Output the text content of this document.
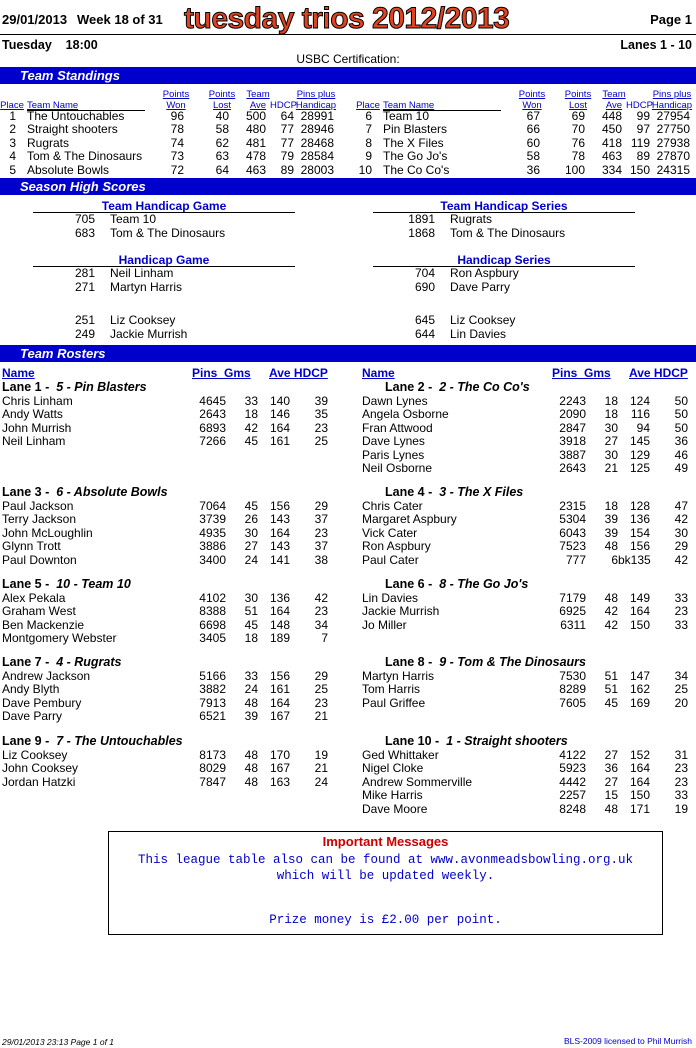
29/01/2013 Week 18 of 31 tuesday trios 2012/2013	Page 1
Tuesday    18:00	Lanes 1 - 10
USBC Certification:
Team Standings
Place Team Name
Points Won
Points Lost
Team Ave HDCP
Pins plus Handicap
1 The Untouchables	96	40	500	64 28991
2 Straight shooters	78	58	480	77 28946
3 Rugrats	74	62	481	77 28468
4 Tom & The Dinosaurs	73	63	478	79 28584
5 Absolute Bowls	72	64	463	89 28003
Place Team Name
Points Won
Points Lost
Team Ave HDCP
Pins plus Handicap
6 Team 10	67	69	448	99 27954
7 Pin Blasters	66	70	450	97 27750
8 The X Files	60	76	418 119 27938
9 The Go Jo's	58	78	463	89 27870
10 The Co Co's	36	100	334 150 24315
Season High Scores
Team Handicap Game
705 Team 10
683 Tom & The Dinosaurs
Team Handicap Series
1891 Rugrats
1868 Tom & The Dinosaurs
Handicap Game
281 Neil Linham
271 Martyn Harris
Handicap Series
704 Ron Aspbury
690 Dave Parry
251 Liz Cooksey
249 Jackie Murrish
645 Liz Cooksey
644 Lin Davies
Team Rosters
Name	Pins  Gms Ave HDCP	Name	Pins  Gms Ave HDCP
Lane 1 - 5 - Pin Blasters
Chris Linham	4645	33 140	39
Andy Watts	2643	18 146	35
John Murrish	6893	42 164	23
Neil Linham	7266	45 161	25
Lane 2 - 2 - The Co Co's
Dawn Lynes	2243	18 124	50
Angela Osborne	2090	18	116	50
Fran Attwood	2847	30	94	50
Dave Lynes	3918	27 145	36
Paris Lynes	3887	30 129	46
Neil Osborne	2643	21 125	49
Lane 3 - 6 - Absolute Bowls
Paul Jackson	7064	45 156	29
Terry Jackson	3739	26 143	37
John McLoughlin	4935	30 164	23
Glynn Trott	3886	27 143	37
Paul Downton	3400	24 141	38
Lane 4 - 3 - The X Files
Chris Cater	2315	18 128	47
Margaret Aspbury	5304	39 136	42
Vick Cater	6043	39 154	30
Ron Aspbury	7523	48 156	29
Paul Cater	777	6 bk135	42
Lane 5 - 10 - Team 10
Alex Pekala	4102	30 136	42
Graham West	8388	51 164	23
Ben Mackenzie	6698	45 148	34
Montgomery Webster	3405	18 189	7
Lane 6 - 8 - The Go Jo's
Lin Davies	7179	48 149	33
Jackie Murrish	6925	42 164	23
Jo Miller	6311	42 150	33
Lane 7 - 4 - Rugrats
Andrew Jackson	5166	33 156	29
Andy Blyth	3882	24 161	25
Dave Pembury	7913	48 164	23
Dave Parry	6521	39 167	21
Lane 8 - 9 - Tom & The Dinosaurs
Martyn Harris	7530	51 147	34
Tom Harris	8289	51 162	25
Paul Griffee	7605	45 169	20
Lane 9 - 7 - The Untouchables
Liz Cooksey	8173	48 170	19
John Cooksey	8029	48 167	21
Jordan Hatzki	7847	48 163	24
Lane 10 - 1 - Straight shooters
Ged Whittaker	4122	27 152	31
Nigel Cloke	5923	36 164	23
Andrew Sommerville	4442	27 164	23
Mike Harris	2257	15 150	33
Dave Moore	8248	48 171	19
Important Messages
This league table also can be found at www.avonmeadsbowling.org.uk
which will be updated weekly.
Prize money is £2.00 per point.
29/01/2013 23:13 Page 1 of 1	BLS-2009 licensed to Phil Murrish
